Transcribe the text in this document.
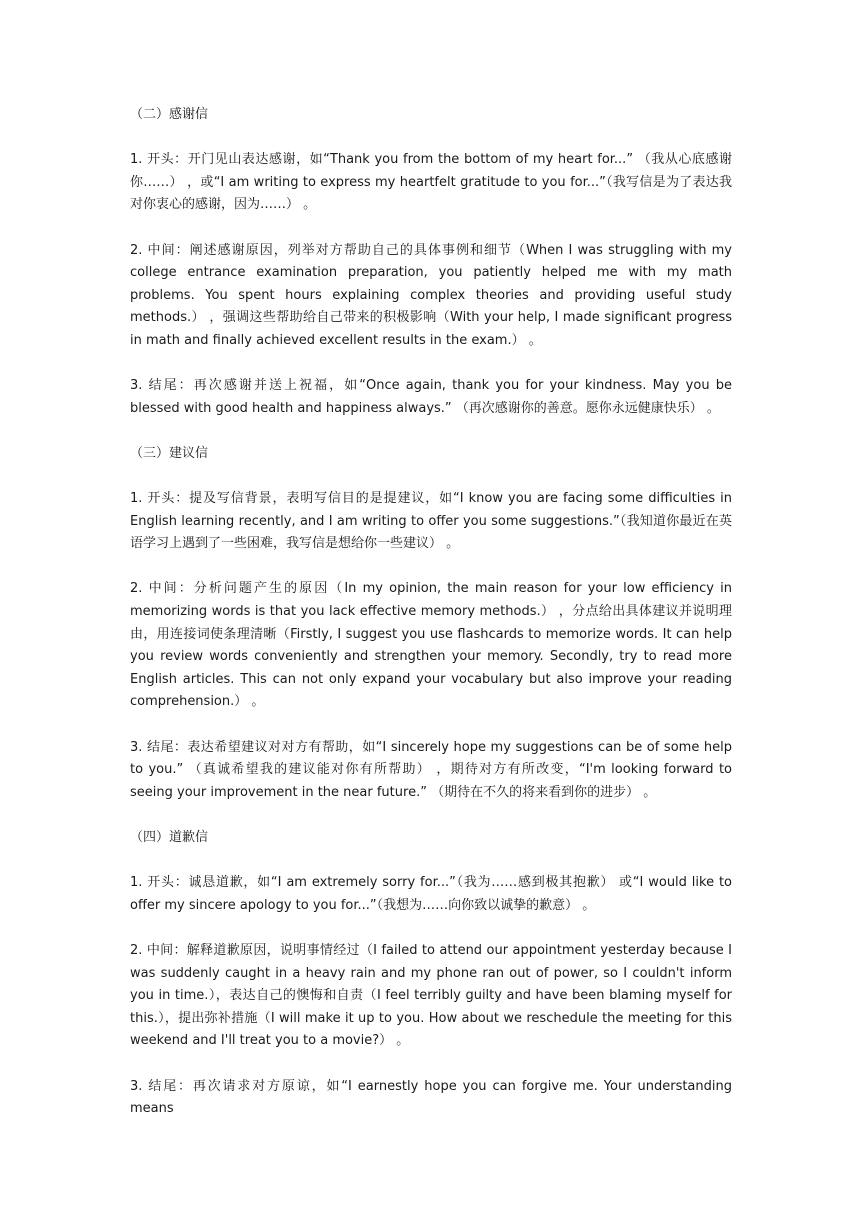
（二）感谢信

1. 开头：开门见山表达感谢，如“Thank you from the bottom of my heart for...” （我从心底感谢你……） ，或“I am writing to express my heartfelt gratitude to you for...”（我写信是为了表达我对你衷心的感谢，因为……） 。

2. 中间：阐述感谢原因，列举对方帮助自己的具体事例和细节（When I was struggling with my college entrance examination preparation, you patiently helped me with my math problems. You spent hours explaining complex theories and providing useful study methods.） ，强调这些帮助给自己带来的积极影响（With your help, I made significant progress in math and finally achieved excellent results in the exam.） 。

3. 结尾：再次感谢并送上祝福，如“Once again, thank you for your kindness. May you be blessed with good health and happiness always.” （再次感谢你的善意。愿你永远健康快乐） 。

（三）建议信

1. 开头：提及写信背景，表明写信目的是提建议，如“I know you are facing some difficulties in English learning recently, and I am writing to offer you some suggestions.”（我知道你最近在英语学习上遇到了一些困难，我写信是想给你一些建议） 。

2. 中间：分析问题产生的原因（In my opinion, the main reason for your low efficiency in memorizing words is that you lack effective memory methods.） ，分点给出具体建议并说明理由，用连接词使条理清晰（Firstly, I suggest you use flashcards to memorize words. It can help you review words conveniently and strengthen your memory. Secondly, try to read more English articles. This can not only expand your vocabulary but also improve your reading comprehension.） 。

3. 结尾：表达希望建议对对方有帮助，如“I sincerely hope my suggestions can be of some help to you.” （真诚希望我的建议能对你有所帮助） ，期待对方有所改变，“I'm looking forward to seeing your improvement in the near future.” （期待在不久的将来看到你的进步） 。

（四）道歉信

1. 开头：诚恳道歉，如“I am extremely sorry for...”（我为……感到极其抱歉） 或“I would like to offer my sincere apology to you for...”（我想为……向你致以诚挚的歉意） 。

2. 中间：解释道歉原因，说明事情经过（I failed to attend our appointment yesterday because I was suddenly caught in a heavy rain and my phone ran out of power, so I couldn't inform you in time.），表达自己的懊悔和自责（I feel terribly guilty and have been blaming myself for this.），提出弥补措施（I will make it up to you. How about we reschedule the meeting for this weekend and I'll treat you to a movie?） 。

3. 结尾：再次请求对方原谅，如“I earnestly hope you can forgive me. Your understanding means
